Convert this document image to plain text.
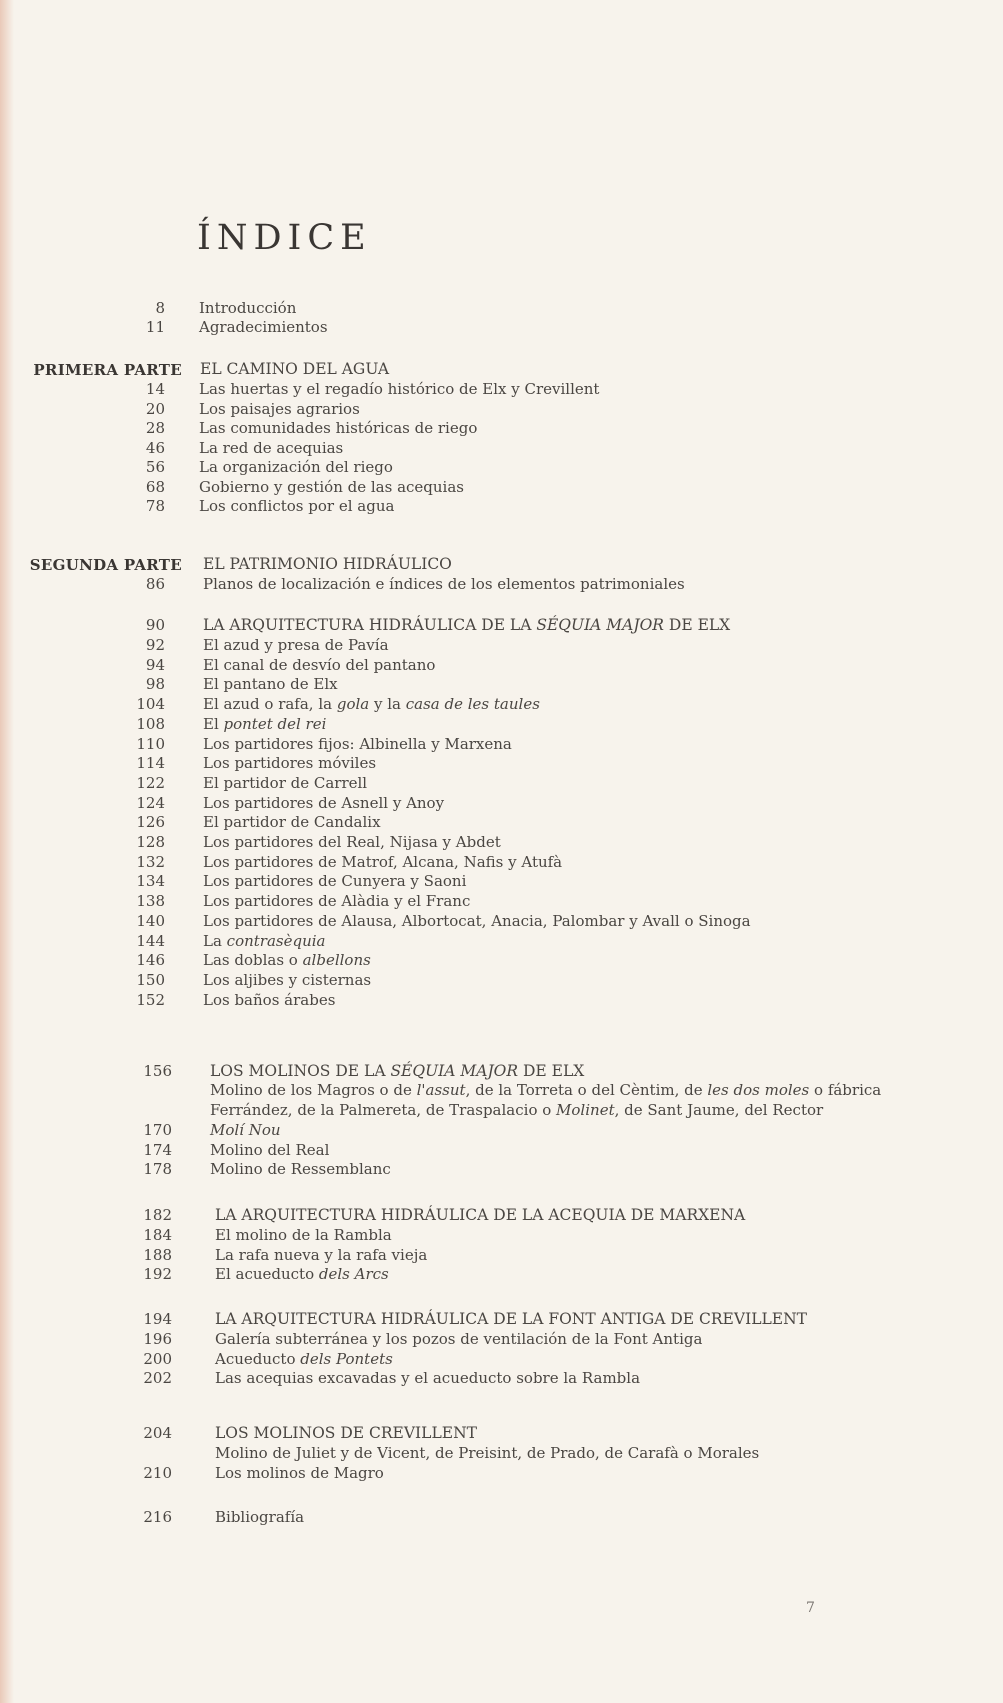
ÍNDICE
8 Introducción
11 Agradecimientos
PRIMERA PARTE EL CAMINO DEL AGUA
14 Las huertas y el regadío histórico de Elx y Crevillent
20 Los paisajes agrarios
28 Las comunidades históricas de riego
46 La red de acequias
56 La organización del riego
68 Gobierno y gestión de las acequias
78 Los conflictos por el agua
SEGUNDA PARTE EL PATRIMONIO HIDRÁULICO
86	Planos de localización e índices de los elementos patrimoniales
90 LA ARQUITECTURA HIDRÁULICA DE LA SÉQUIA MAJOR DE ELX
92	El azud y presa de Pavía
94	El canal de desvío del pantano
98	El pantano de Elx
104	El azud o rafa, la gola y la casa de les taules
108	El pontet del rei
110	Los partidores fijos: Albinella y Marxena
114	Los partidores móviles
122	El partidor de Carrell
124	Los partidores de Asnell y Anoy
126	El partidor de Candalix
128	Los partidores del Real, Nijasa y Abdet
132	Los partidores de Matrof, Alcana, Nafis y Atufà
134	Los partidores de Cunyera y Saoni
138	Los partidores de Alàdia y el Franc
140	Los partidores de Alausa, Albortocat, Anacia, Palombar y Avall o Sinoga
144	La contrasèquia
146	Las doblas o albellons
150	Los aljibes y cisternas
152	Los baños árabes
156 LOS MOLINOS DE LA SÉQUIA MAJOR DE ELX
Molino de los Magros o de l'assut, de la Torreta o del Cèntim, de les dos moles o fábrica
Ferrández, de la Palmereta, de Traspalacio o Molinet, de Sant Jaume, del Rector
170	Molí Nou
174	Molino del Real
178	Molino de Ressemblanc
182	LA ARQUITECTURA HIDRÁULICA DE LA ACEQUIA DE MARXENA
184	El molino de la Rambla
188	La rafa nueva y la rafa vieja
192	El acueducto dels Arcs
194	LA ARQUITECTURA HIDRÁULICA DE LA FONT ANTIGA DE CREVILLENT
196	Galería subterránea y los pozos de ventilación de la Font Antiga
200	Acueducto dels Pontets
202	Las acequias excavadas y el acueducto sobre la Rambla
204	LOS MOLINOS DE CREVILLENT
Molino de Juliet y de Vicent, de Preisint, de Prado, de Carafà o Morales
210	Los molinos de Magro
216	Bibliografía
7
